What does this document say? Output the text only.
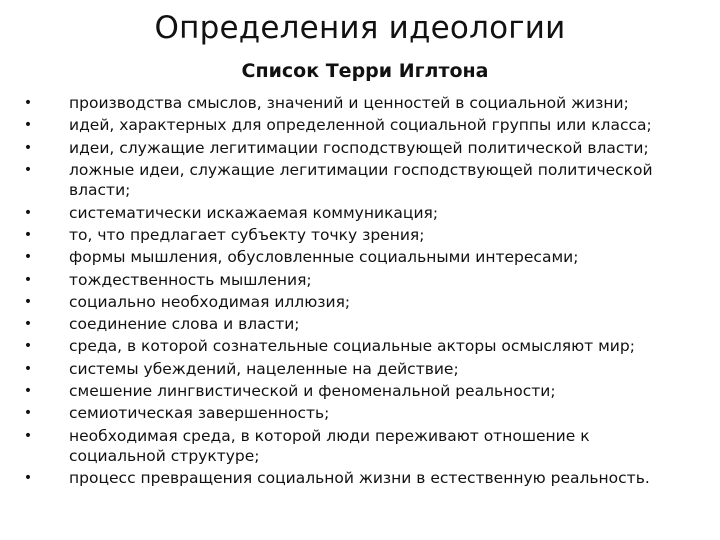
Определения идеологии
Список Терри Иглтона
• производства смыслов, значений и ценностей в социальной жизни;
• идей, характерных для определенной социальной группы или класса;
• идеи, служащие легитимации господствующей политической власти;
• ложные идеи, служащие легитимации господствующей политической власти;
• систематически искажаемая коммуникация;
• то, что предлагает субъекту точку зрения;
• формы мышления, обусловленные социальными интересами;
• тождественность мышления;
• социально необходимая иллюзия;
• соединение слова и власти;
• среда, в которой сознательные социальные акторы осмысляют мир;
• системы убеждений, нацеленные на действие;
• смешение лингвистической и феноменальной реальности;
• семиотическая завершенность;
• необходимая среда, в которой люди переживают отношение к социальной структуре;
• процесс превращения социальной жизни в естественную реальность.
